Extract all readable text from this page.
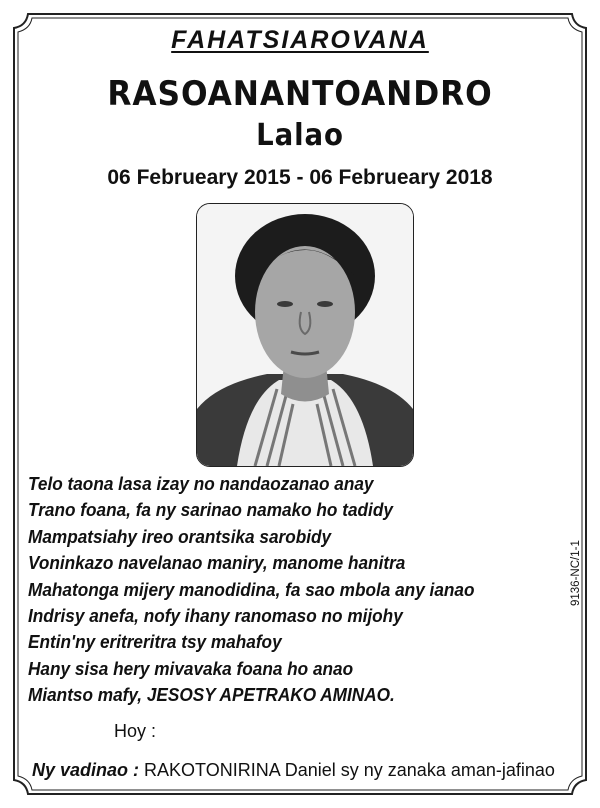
FAHATSIAROVANA
RASOANANTOANDRO
Lalao
06 Februeary 2015 - 06 Februeary 2018
Telo taona lasa izay no nandaozanao anay
Trano foana, fa ny sarinao namako ho tadidy
Mampatsiahy ireo orantsika sarobidy
Voninkazo navelanao maniry, manome hanitra
Mahatonga mijery manodidina, fa sao mbola any ianao
Indrisy anefa, nofy ihany ranomaso no mijohy
Entin'ny eritreritra tsy mahafoy
Hany sisa hery mivavaka foana ho anao
Miantso mafy, JESOSY APETRAKO AMINAO.
Hoy :
Ny vadinao : RAKOTONIRINA Daniel sy ny zanaka aman-jafinao
9136-NC/1-1
